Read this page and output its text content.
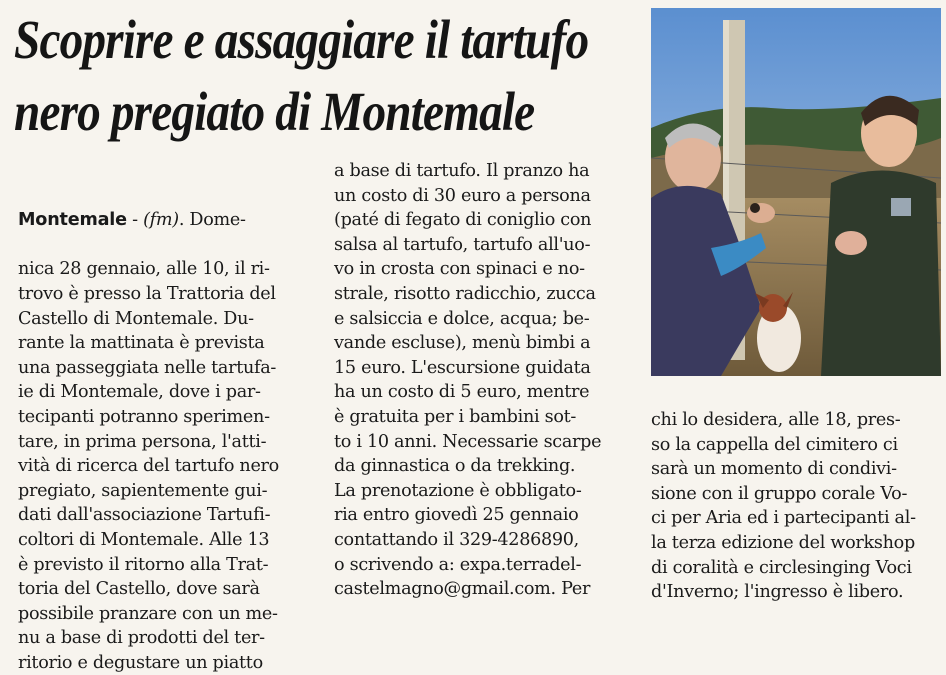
Scoprire e assaggiare il tartufo
nero pregiato di Montemale

Montemale - (fm). Dome-

nica 28 gennaio, alle 10, il ri-
trovo è presso la Trattoria del
Castello di Montemale. Du-
rante la mattinata è prevista
una passeggiata nelle tartufa-
ie di Montemale, dove i par-
tecipanti potranno sperimen-
tare, in prima persona, l'atti-
vità di ricerca del tartufo nero
pregiato, sapientemente gui-
dati dall'associazione Tartufi-
coltori di Montemale. Alle 13
è previsto il ritorno alla Trat-
toria del Castello, dove sarà
possibile pranzare con un me-
nu a base di prodotti del ter-
ritorio e degustare un piatto
a base di tartufo. Il pranzo ha
un costo di 30 euro a persona
(paté di fegato di coniglio con
salsa al tartufo, tartufo all'uo-
vo in crosta con spinaci e no-
strale, risotto radicchio, zucca
e salsiccia e dolce, acqua; be-
vande escluse), menù bimbi a
15 euro. L'escursione guidata
ha un costo di 5 euro, mentre
è gratuita per i bambini sot-
to i 10 anni. Necessarie scarpe
da ginnastica o da trekking.
La prenotazione è obbligato-
ria entro giovedì 25 gennaio
contattando il 329-4286890,
o scrivendo a: expa.terradel-
castelmagno@gmail.com. Per
chi lo desidera, alle 18, pres-
so la cappella del cimitero ci
sarà un momento di condivi-
sione con il gruppo corale Vo-
ci per Aria ed i partecipanti al-
la terza edizione del workshop
di coralità e circlesinging Voci
d'Inverno; l'ingresso è libero.
